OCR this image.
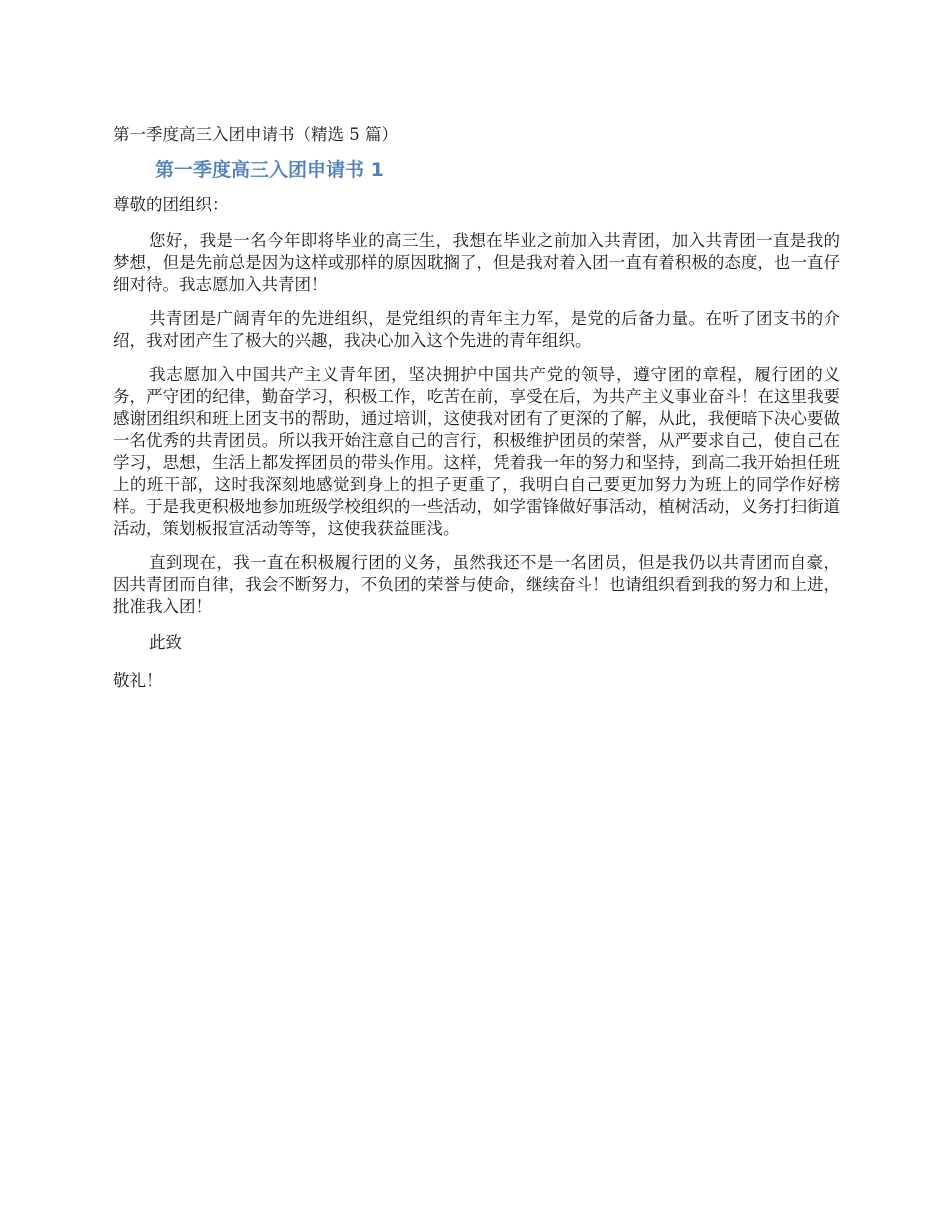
第一季度高三入团申请书（精选 5 篇）
第一季度高三入团申请书 1
尊敬的团组织：

您好，我是一名今年即将毕业的高三生，我想在毕业之前加入共青团，加入共青团一直是我的梦想，但是先前总是因为这样或那样的原因耽搁了，但是我对着入团一直有着积极的态度，也一直仔细对待。我志愿加入共青团！

共青团是广阔青年的先进组织，是党组织的青年主力军，是党的后备力量。在听了团支书的介绍，我对团产生了极大的兴趣，我决心加入这个先进的青年组织。

我志愿加入中国共产主义青年团，坚决拥护中国共产党的领导，遵守团的章程，履行团的义务，严守团的纪律，勤奋学习，积极工作，吃苦在前，享受在后，为共产主义事业奋斗！在这里我要感谢团组织和班上团支书的帮助，通过培训，这使我对团有了更深的了解，从此，我便暗下决心要做一名优秀的共青团员。所以我开始注意自己的言行，积极维护团员的荣誉，从严要求自己，使自己在学习，思想，生活上都发挥团员的带头作用。这样，凭着我一年的努力和坚持，到高二我开始担任班上的班干部，这时我深刻地感觉到身上的担子更重了，我明白自己要更加努力为班上的同学作好榜样。于是我更积极地参加班级学校组织的一些活动，如学雷锋做好事活动，植树活动，义务打扫街道活动，策划板报宣活动等等，这使我获益匪浅。

直到现在，我一直在积极履行团的义务，虽然我还不是一名团员，但是我仍以共青团而自豪，因共青团而自律，我会不断努力，不负团的荣誉与使命，继续奋斗！也请组织看到我的努力和上进，批准我入团！

此致
敬礼！
